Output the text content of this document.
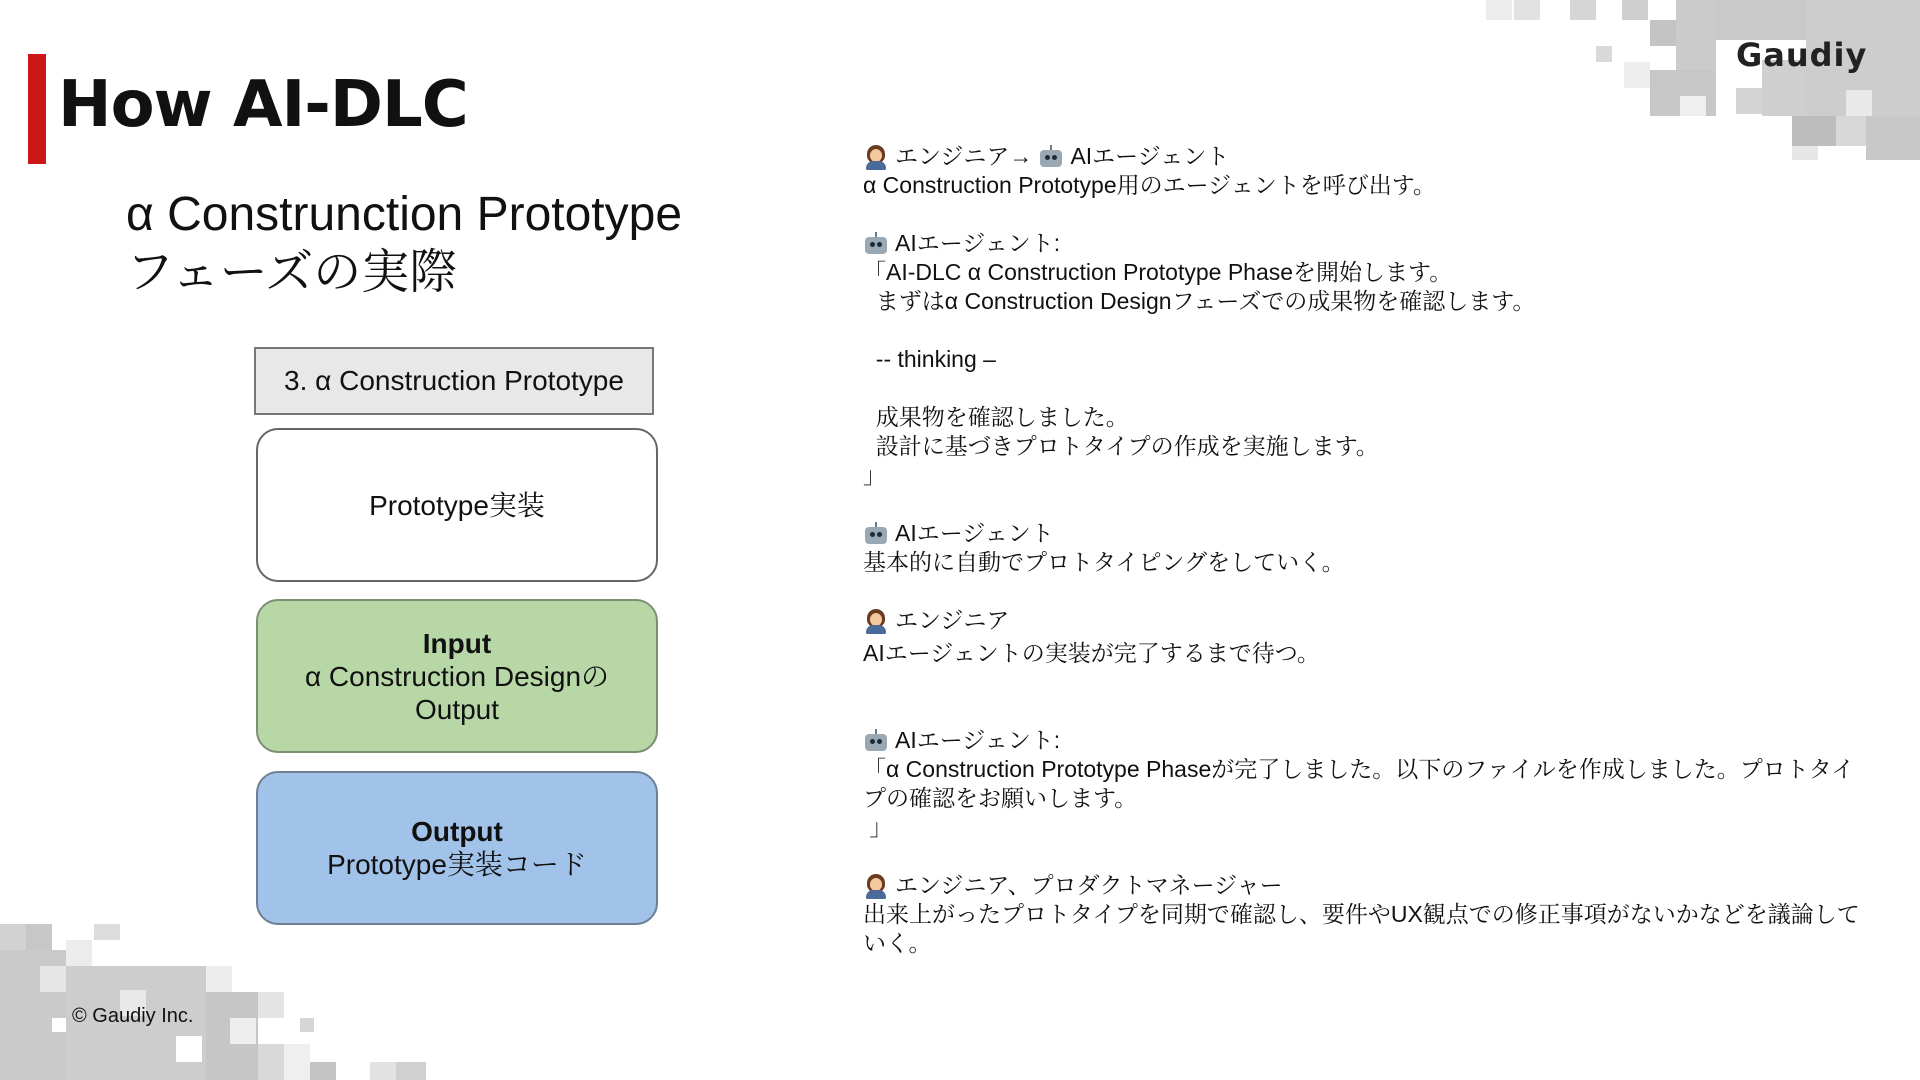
How AI-DLC
Gaudiy
α Construnction Prototype
フェーズの実際
3. α Construction Prototype
Prototype実装
Input
α Construction Designの
Output
Output
Prototype実装コード
エンジニア→ AIエージェント
α Construction Prototype用のエージェントを呼び出す。
AIエージェント:
「AI-DLC α Construction Prototype Phaseを開始します。
まずはα Construction Designフェーズでの成果物を確認します。
-- thinking –
成果物を確認しました。
設計に基づきプロトタイプの作成を実施します。
」
AIエージェント
基本的に自動でプロトタイピングをしていく。
エンジニア
AIエージェントの実装が完了するまで待つ。
AIエージェント:
「α Construction Prototype Phaseが完了しました。以下のファイルを作成しました。プロトタイプの確認をお願いします。
」
エンジニア、プロダクトマネージャー
出来上がったプロトタイプを同期で確認し、要件やUX観点での修正事項がないかなどを議論していく。
© Gaudiy Inc.
